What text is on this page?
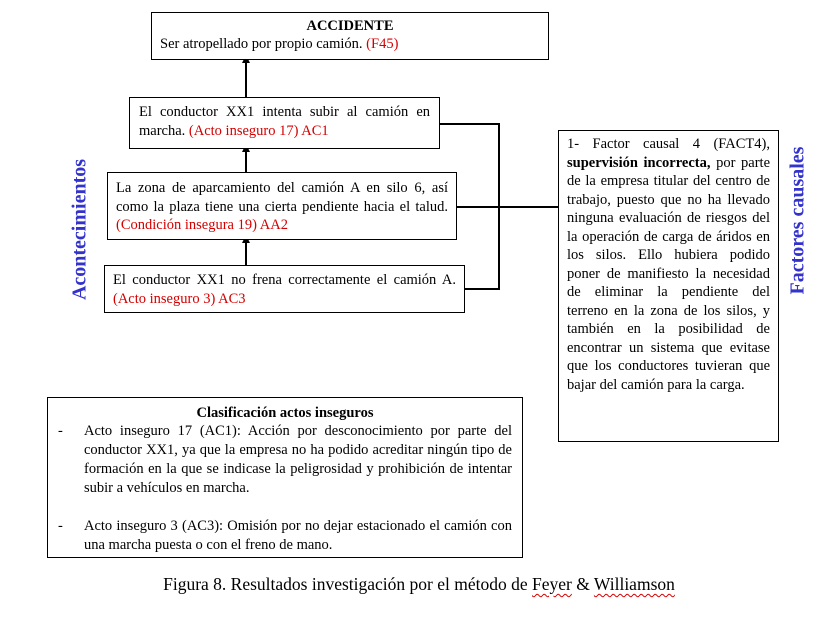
ACCIDENTE
Ser atropellado por propio camión. (F45)
El conductor XX1 intenta subir al camión en marcha. (Acto inseguro 17) AC1
La zona de aparcamiento del camión A en silo 6, así como la plaza tiene una cierta pendiente hacia el talud. (Condición insegura 19) AA2
El conductor XX1 no frena correctamente el camión A. (Acto inseguro 3) AC3
1- Factor causal 4 (FACT4), supervisión incorrecta, por parte de la empresa titular del centro de trabajo, puesto que no ha llevado ninguna evaluación de riesgos del la operación de carga de áridos en los silos. Ello hubiera podido poner de manifiesto la necesidad de eliminar la pendiente del terreno en la zona de los silos, y también en la posibilidad de encontrar un sistema que evitase que los conductores tuvieran que bajar del camión para la carga.
Clasificación actos inseguros
-	Acto inseguro 17 (AC1): Acción por desconocimiento por parte del conductor XX1, ya que la empresa no ha podido acreditar ningún tipo de formación en la que se indicase la peligrosidad y prohibición de intentar subir a vehículos en marcha.
-	Acto inseguro 3 (AC3): Omisión por no dejar estacionado el camión con una marcha puesta o con el freno de mano.
Acontecimientos	Factores causales
Figura 8. Resultados investigación por el método de Feyer & Williamson
